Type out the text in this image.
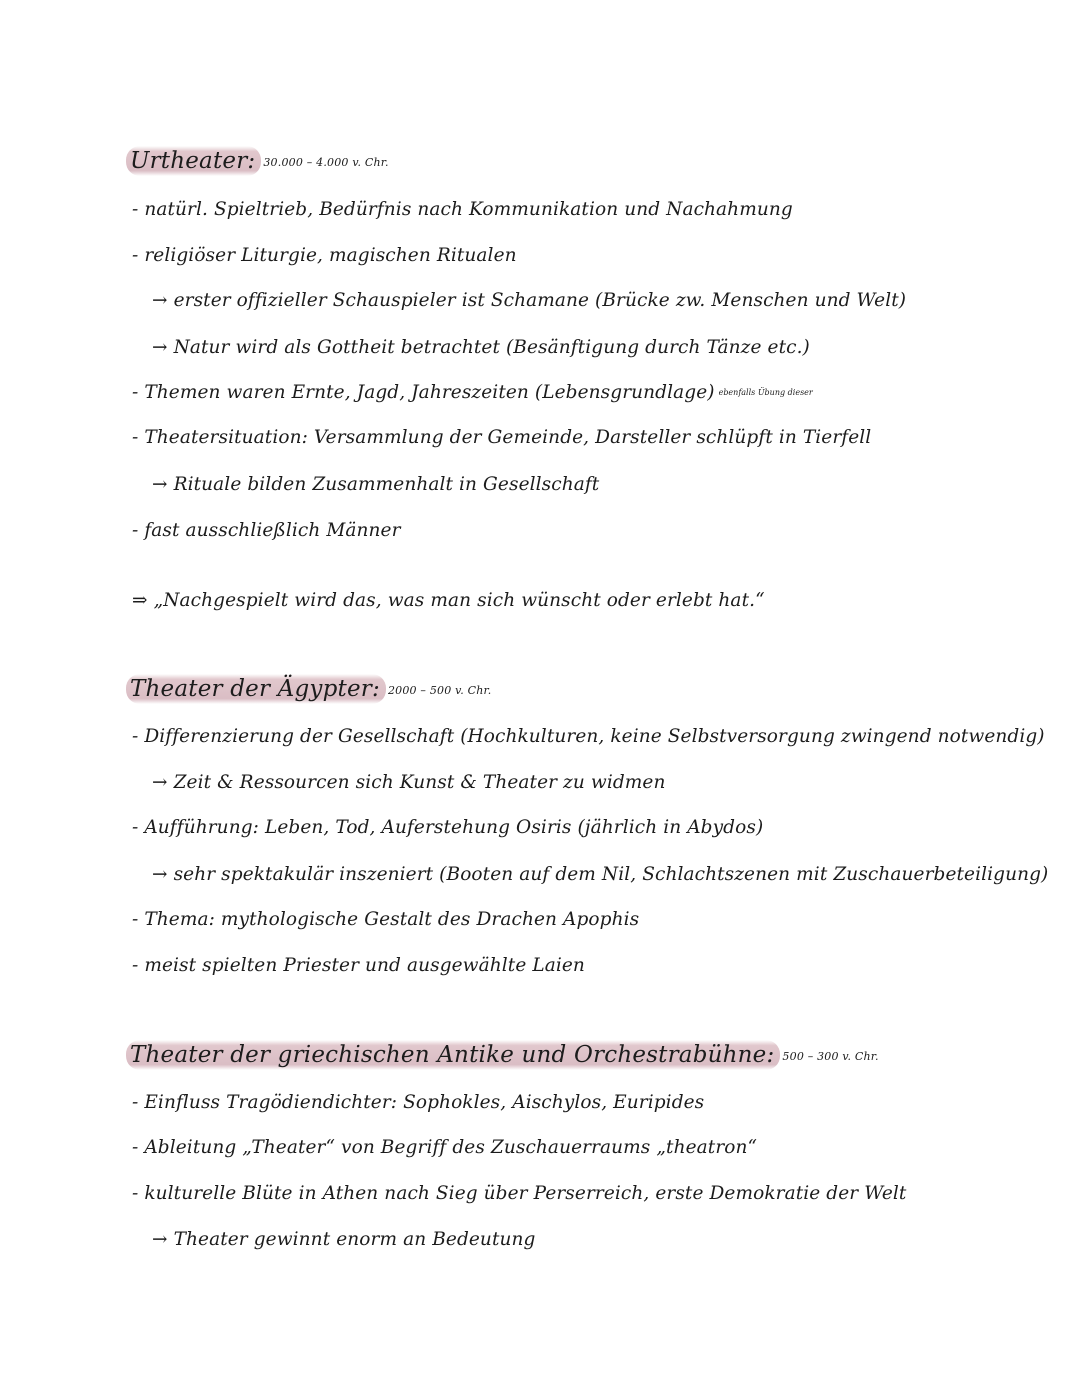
Urtheater: 30.000 – 4.000 v. Chr.
- natürl. Spieltrieb, Bedürfnis nach Kommunikation und Nachahmung
- religiöser Liturgie, magischen Ritualen
→ erster offizieller Schauspieler ist Schamane (Brücke zw. Menschen und Welt)
→ Natur wird als Gottheit betrachtet (Besänftigung durch Tänze etc.)
- Themen waren Ernte, Jagd, Jahreszeiten (Lebensgrundlage) ebenfalls Übung dieser
- Theatersituation: Versammlung der Gemeinde, Darsteller schlüpft in Tierfell
→ Rituale bilden Zusammenhalt in Gesellschaft
- fast ausschließlich Männer
⇒ „Nachgespielt wird das, was man sich wünscht oder erlebt hat.“
Theater der Ägypter: 2000 – 500 v. Chr.
- Differenzierung der Gesellschaft (Hochkulturen, keine Selbstversorgung zwingend notwendig)
→ Zeit & Ressourcen sich Kunst & Theater zu widmen
- Aufführung: Leben, Tod, Auferstehung Osiris (jährlich in Abydos)
→ sehr spektakulär inszeniert (Booten auf dem Nil, Schlachtszenen mit Zuschauerbeteiligung)
- Thema: mythologische Gestalt des Drachen Apophis
- meist spielten Priester und ausgewählte Laien
Theater der griechischen Antike und Orchestrabühne: 500 – 300 v. Chr.
- Einfluss Tragödiendichter: Sophokles, Aischylos, Euripides
- Ableitung „Theater“ von Begriff des Zuschauerraums „theatron“
- kulturelle Blüte in Athen nach Sieg über Perserreich, erste Demokratie der Welt
→ Theater gewinnt enorm an Bedeutung
